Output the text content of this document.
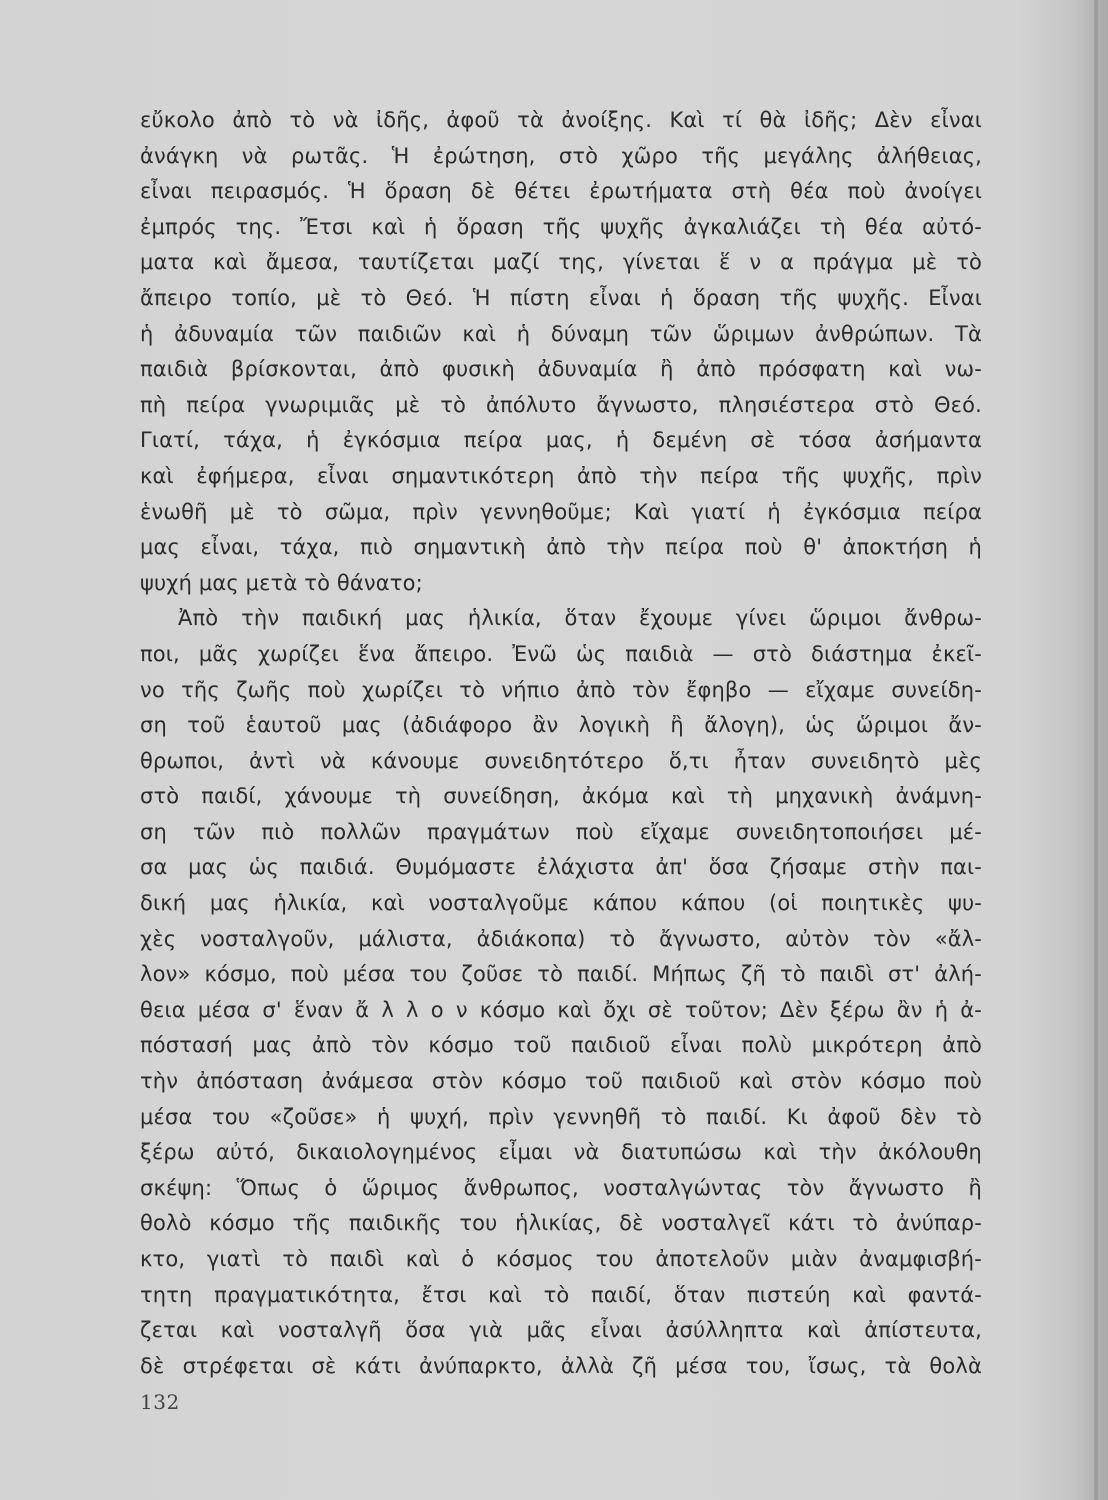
εὔκολο ἀπὸ τὸ νὰ ἰδῆς, ἀφοῦ τὰ ἀνοίξης. Καὶ τί θὰ ἰδῆς; Δὲν εἶναι
ἀνάγκη νὰ ρωτᾶς. Ἡ ἐρώτηση, στὸ χῶρο τῆς μεγάλης ἀλήθειας,
εἶναι πειρασμός. Ἡ ὅραση δὲ θέτει ἐρωτήματα στὴ θέα ποὺ ἀνοίγει
ἐμπρός της. Ἔτσι καὶ ἡ ὅραση τῆς ψυχῆς ἀγκαλιάζει τὴ θέα αὐτό-
ματα καὶ ἄμεσα, ταυτίζεται μαζί της, γίνεται ἕ ν α πράγμα μὲ τὸ
ἄπειρο τοπίο, μὲ τὸ Θεό. Ἡ πίστη εἶναι ἡ ὅραση τῆς ψυχῆς. Εἶναι
ἡ ἀδυναμία τῶν παιδιῶν καὶ ἡ δύναμη τῶν ὥριμων ἀνθρώπων. Τὰ
παιδιὰ βρίσκονται, ἀπὸ φυσικὴ ἀδυναμία ἢ ἀπὸ πρόσφατη καὶ νω-
πὴ πείρα γνωριμιᾶς μὲ τὸ ἀπόλυτο ἄγνωστο, πλησιέστερα στὸ Θεό.
Γιατί, τάχα, ἡ ἐγκόσμια πείρα μας, ἡ δεμένη σὲ τόσα ἀσήμαντα
καὶ ἐφήμερα, εἶναι σημαντικότερη ἀπὸ τὴν πείρα τῆς ψυχῆς, πρὶν
ἑνωθῆ μὲ τὸ σῶμα, πρὶν γεννηθοῦμε; Καὶ γιατί ἡ ἐγκόσμια πείρα
μας εἶναι, τάχα, πιὸ σημαντικὴ ἀπὸ τὴν πείρα ποὺ θ' ἀποκτήση ἡ
ψυχή μας μετὰ τὸ θάνατο;
Ἀπὸ τὴν παιδική μας ἡλικία, ὅταν ἔχουμε γίνει ὥριμοι ἄνθρω-
ποι, μᾶς χωρίζει ἕνα ἄπειρο. Ἐνῶ ὡς παιδιὰ — στὸ διάστημα ἐκεῖ-
νο τῆς ζωῆς ποὺ χωρίζει τὸ νήπιο ἀπὸ τὸν ἔφηβο — εἴχαμε συνείδη-
ση τοῦ ἑαυτοῦ μας (ἀδιάφορο ἂν λογικὴ ἢ ἄλογη), ὡς ὥριμοι ἄν-
θρωποι, ἀντὶ νὰ κάνουμε συνειδητότερο ὅ,τι ἦταν συνειδητὸ μὲς
στὸ παιδί, χάνουμε τὴ συνείδηση, ἀκόμα καὶ τὴ μηχανικὴ ἀνάμνη-
ση τῶν πιὸ πολλῶν πραγμάτων ποὺ εἴχαμε συνειδητοποιήσει μέ-
σα μας ὡς παιδιά. Θυμόμαστε ἐλάχιστα ἀπ' ὅσα ζήσαμε στὴν παι-
δική μας ἡλικία, καὶ νοσταλγοῦμε κάπου κάπου (οἱ ποιητικὲς ψυ-
χὲς νοσταλγοῦν, μάλιστα, ἀδιάκοπα) τὸ ἄγνωστο, αὐτὸν τὸν «ἄλ-
λον» κόσμο, ποὺ μέσα του ζοῦσε τὸ παιδί. Μήπως ζῆ τὸ παιδὶ στ' ἀλή-
θεια μέσα σ' ἕναν ἄ λ λ ο ν κόσμο καὶ ὄχι σὲ τοῦτον; Δὲν ξέρω ἂν ἡ ἀ-
πόστασή μας ἀπὸ τὸν κόσμο τοῦ παιδιοῦ εἶναι πολὺ μικρότερη ἀπὸ
τὴν ἀπόσταση ἀνάμεσα στὸν κόσμο τοῦ παιδιοῦ καὶ στὸν κόσμο ποὺ
μέσα του «ζοῦσε» ἡ ψυχή, πρὶν γεννηθῆ τὸ παιδί. Κι ἀφοῦ δὲν τὸ
ξέρω αὐτό, δικαιολογημένος εἶμαι νὰ διατυπώσω καὶ τὴν ἀκόλουθη
σκέψη: Ὅπως ὁ ὥριμος ἄνθρωπος, νοσταλγώντας τὸν ἄγνωστο ἢ
θολὸ κόσμο τῆς παιδικῆς του ἡλικίας, δὲ νοσταλγεῖ κάτι τὸ ἀνύπαρ-
κτο, γιατὶ τὸ παιδὶ καὶ ὁ κόσμος του ἀποτελοῦν μιὰν ἀναμφισβή-
τητη πραγματικότητα, ἔτσι καὶ τὸ παιδί, ὅταν πιστεύη καὶ φαντά-
ζεται καὶ νοσταλγῆ ὅσα γιὰ μᾶς εἶναι ἀσύλληπτα καὶ ἀπίστευτα,
δὲ στρέφεται σὲ κάτι ἀνύπαρκτο, ἀλλὰ ζῆ μέσα του, ἴσως, τὰ θολὰ
132
